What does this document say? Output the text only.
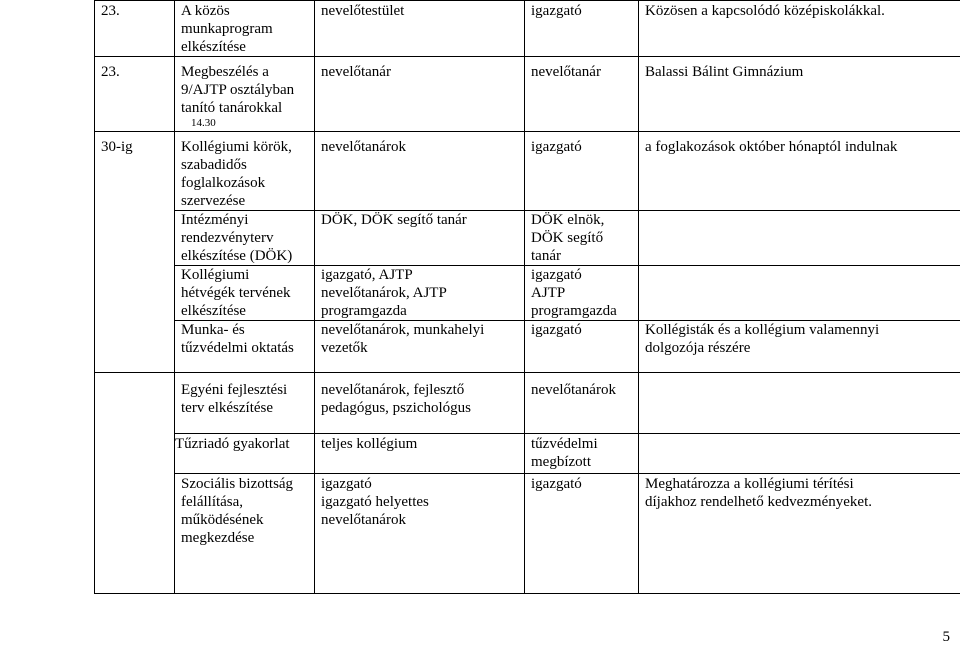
23.	A közös
munkaprogram
elkészítése	nevelőtestület	igazgató	Közösen a kapcsolódó középiskolákkal.
23.	Megbeszélés a
9/AJTP osztályban
tanító tanárokkal
14.30	nevelőtanár	nevelőtanár	Balassi Bálint Gimnázium
30-ig	Kollégiumi körök,
szabadidős
foglalkozások
szervezése	nevelőtanárok	igazgató	a foglakozások október hónaptól indulnak

	Intézményi
rendezvényterv
elkészítése (DÖK)	DÖK, DÖK segítő tanár	DÖK elnök,
DÖK segítő
tanár	

	Kollégiumi
hétvégék tervének
elkészítése	igazgató, AJTP
nevelőtanárok, AJTP
programgazda	igazgató
AJTP
programgazda	

	Munka- és
tűzvédelmi oktatás	nevelőtanárok, munkahelyi
vezetők	igazgató	Kollégisták és a kollégium valamennyi
dolgozója részére

	Egyéni fejlesztési
terv elkészítése	nevelőtanárok, fejlesztő
pedagógus, pszichológus	nevelőtanárok	

	Tűzriadó gyakorlat	teljes kollégium	tűzvédelmi
megbízott	

	Szociális bizottság
felállítása,
működésének
megkezdése	igazgató
igazgató helyettes
nevelőtanárok	igazgató	Meghatározza a kollégiumi térítési
díjakhoz rendelhető kedvezményeket.
5
